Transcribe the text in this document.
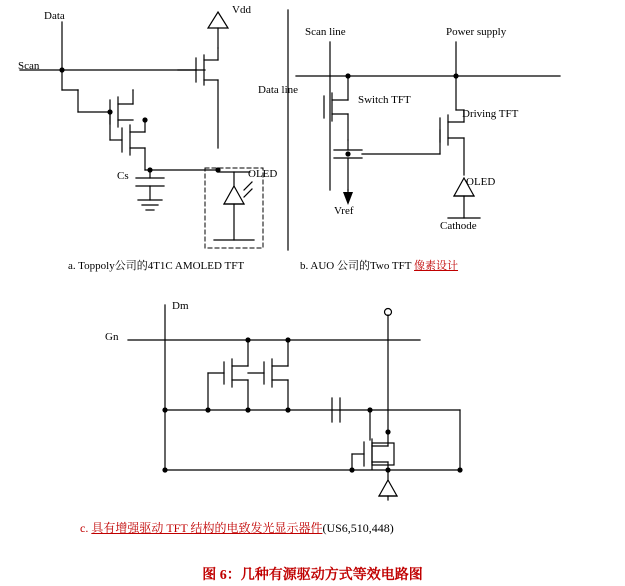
Data	Vdd
Scan
Cs	OLED
Scan line	Power supply
Data line
Switch TFT
Driving TFT
Vref
OLED
Cathode
Dm
Gn
a. Toppoly公司的4T1C AMOLED TFT	b. AUO 公司的Two TFT 像素设计
c. 具有增强驱动 TFT 结构的电致发光显示器件(US6,510,448)
图 6：几种有源驱动方式等效电路图
